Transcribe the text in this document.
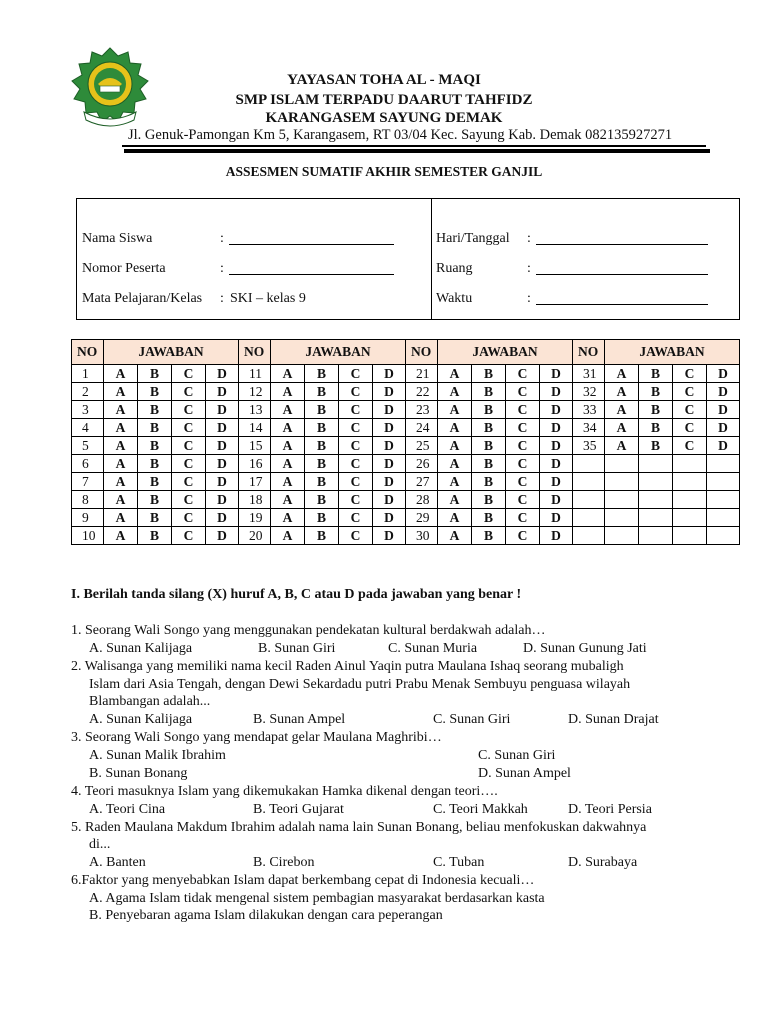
YAYASAN TOHA AL - MAQI
SMP ISLAM TERPADU DAARUT TAHFIDZ
KARANGASEM SAYUNG DEMAK
Jl. Genuk-Pamongan Km 5, Karangasem, RT 03/04 Kec. Sayung Kab. Demak 082135927271
ASSESMEN SUMATIF AKHIR SEMESTER GANJIL
Nama Siswa	:
Nomor Peserta	:
Mata Pelajaran/Kelas : SKI – kelas 9
Hari/Tanggal :
Ruang	:
Waktu	:
NO	JAWABAN				NO	JAWABAN				NO	JAWABAN				NO	JAWABAN			
1	A	B	C	D	11	A	B	C	D	21	A	B	C	D	31	A	B	C	D
2	A	B	C	D	12	A	B	C	D	22	A	B	C	D	32	A	B	C	D
3	A	B	C	D	13	A	B	C	D	23	A	B	C	D	33	A	B	C	D
4	A	B	C	D	14	A	B	C	D	24	A	B	C	D	34	A	B	C	D
5	A	B	C	D	15	A	B	C	D	25	A	B	C	D	35	A	B	C	D
6	A	B	C	D	16	A	B	C	D	26	A	B	C	D					
7	A	B	C	D	17	A	B	C	D	27	A	B	C	D					
8	A	B	C	D	18	A	B	C	D	28	A	B	C	D					
9	A	B	C	D	19	A	B	C	D	29	A	B	C	D					
10	A	B	C	D	20	A	B	C	D	30	A	B	C	D					
I. Berilah tanda silang (X) huruf A, B, C atau D pada jawaban yang benar !
1. Seorang Wali Songo yang menggunakan pendekatan kultural berdakwah adalah…
A. Sunan Kalijaga	B. Sunan Giri	C. Sunan Muria	D. Sunan Gunung Jati
2. Walisanga yang memiliki nama kecil Raden Ainul Yaqin putra Maulana Ishaq seorang mubaligh
Islam dari Asia Tengah, dengan Dewi Sekardadu putri Prabu Menak Sembuyu penguasa wilayah
Blambangan adalah...
A. Sunan Kalijaga	B. Sunan Ampel	C. Sunan Giri	D. Sunan Drajat
3. Seorang Wali Songo yang mendapat gelar Maulana Maghribi…
A. Sunan Malik Ibrahim	C. Sunan Giri
B. Sunan Bonang	D. Sunan Ampel
4. Teori masuknya Islam yang dikemukakan Hamka dikenal dengan teori….
A. Teori Cina	B. Teori Gujarat	C. Teori Makkah	D. Teori Persia
5. Raden Maulana Makdum Ibrahim adalah nama lain Sunan Bonang, beliau menfokuskan dakwahnya
di...
A. Banten	B. Cirebon	C. Tuban	D. Surabaya
6.Faktor yang menyebabkan Islam dapat berkembang cepat di Indonesia kecuali…
A. Agama Islam tidak mengenal sistem pembagian masyarakat berdasarkan kasta
B. Penyebaran agama Islam dilakukan dengan cara peperangan
